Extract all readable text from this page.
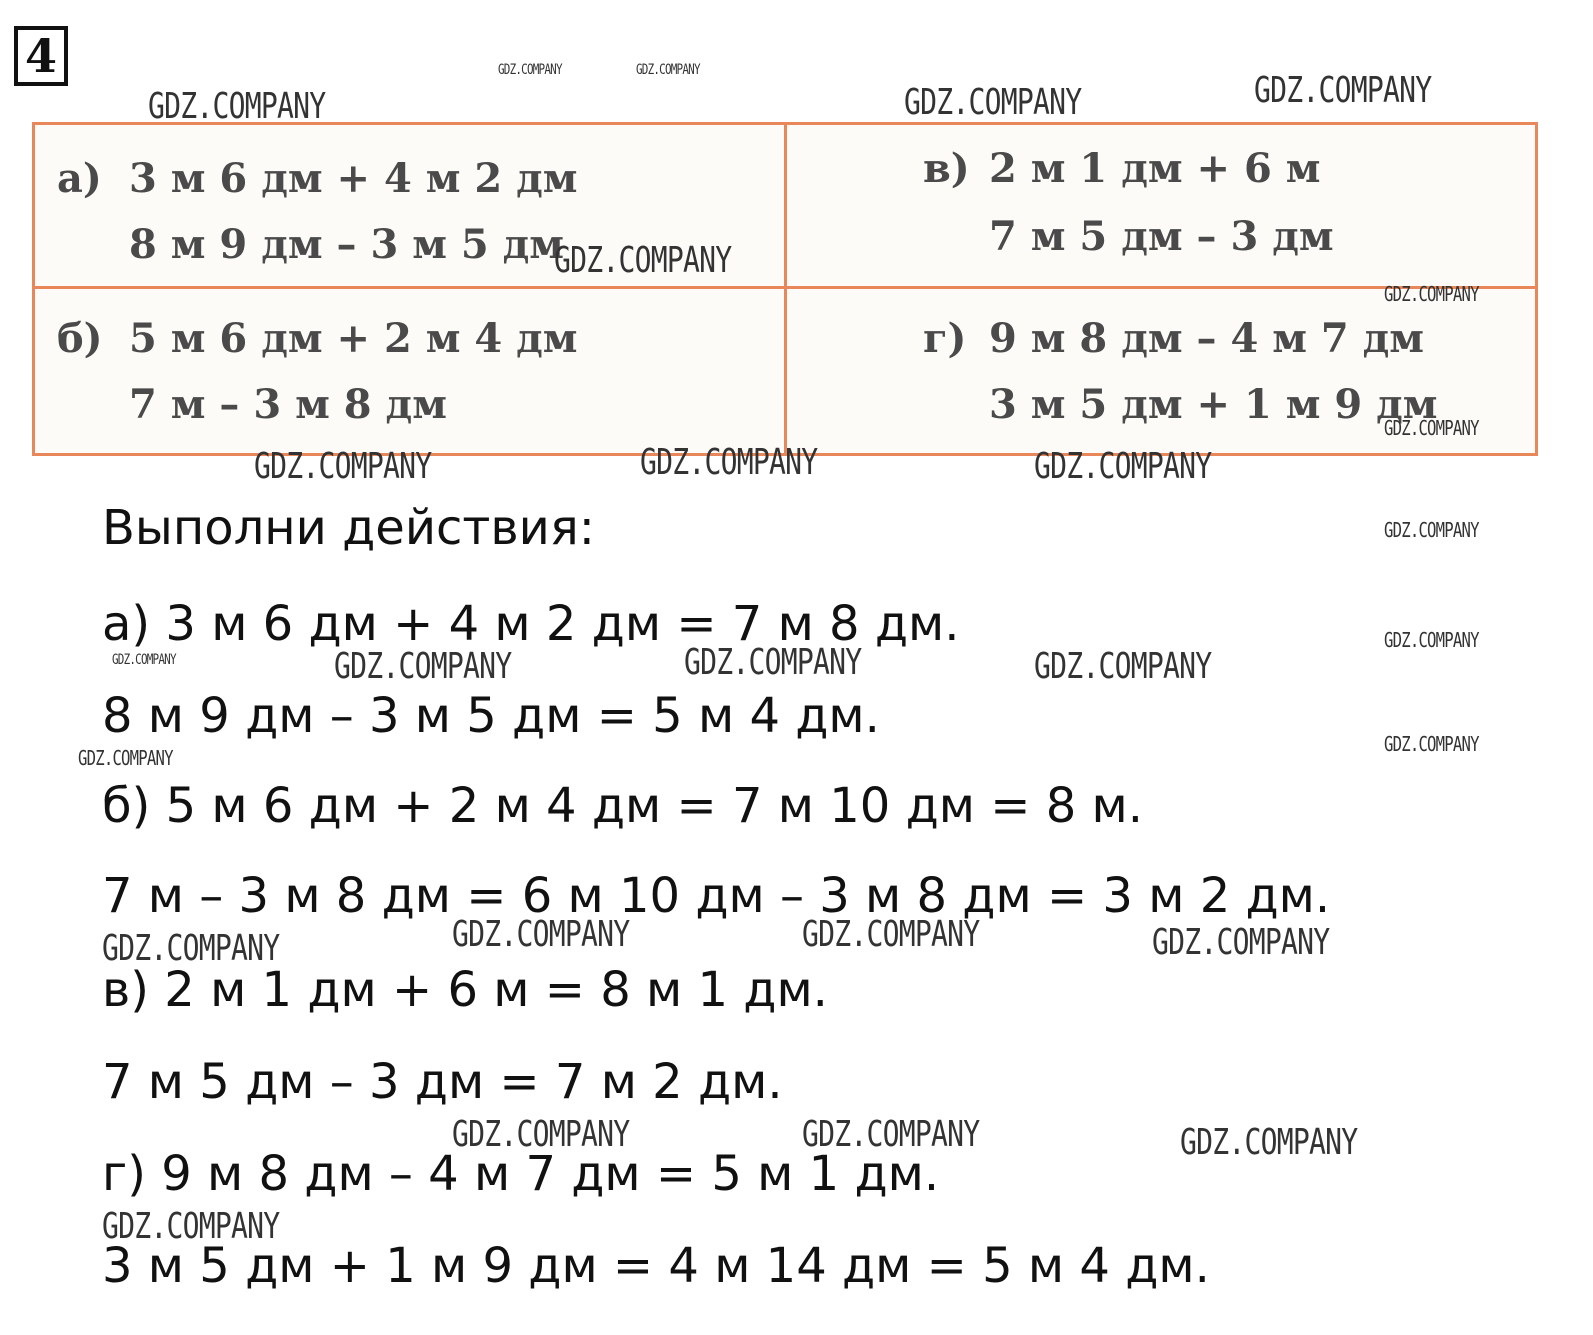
4
а) 3 м 6 дм + 4 м 2 дм
8 м 9 дм – 3 м 5 дм
в) 2 м 1 дм + 6 м
7 м 5 дм – 3 дм
б) 5 м 6 дм + 2 м 4 дм
7 м – 3 м 8 дм
г) 9 м 8 дм – 4 м 7 дм
3 м 5 дм + 1 м 9 дм
Выполни действия:
а) 3 м 6 дм + 4 м 2 дм = 7 м 8 дм.
8 м 9 дм – 3 м 5 дм = 5 м 4 дм.
б) 5 м 6 дм + 2 м 4 дм = 7 м 10 дм = 8 м.
7 м – 3 м 8 дм = 6 м 10 дм – 3 м 8 дм = 3 м 2 дм.
в) 2 м 1 дм + 6 м = 8 м 1 дм.
7 м 5 дм – 3 дм = 7 м 2 дм.
г) 9 м 8 дм – 4 м 7 дм = 5 м 1 дм.
3 м 5 дм + 1 м 9 дм = 4 м 14 дм = 5 м 4 дм.
GDZ.COMPANY	GDZ.COMPANY
GDZ.COMPANY	GDZ.COMPANY	GDZ.COMPANY
GDZ.COMPANY
GDZ.COMPANY
GDZ.COMPANY
GDZ.COMPANY	GDZ.COMPANY	GDZ.COMPANY
GDZ.COMPANY
GDZ.COMPANY
GDZ.COMPANY	GDZ.COMPANY	GDZ.COMPANY	GDZ.COMPANY
GDZ.COMPANY
GDZ.COMPANY
GDZ.COMPANY	GDZ.COMPANY	GDZ.COMPANY	GDZ.COMPANY
GDZ.COMPANY	GDZ.COMPANY	GDZ.COMPANY
GDZ.COMPANY
